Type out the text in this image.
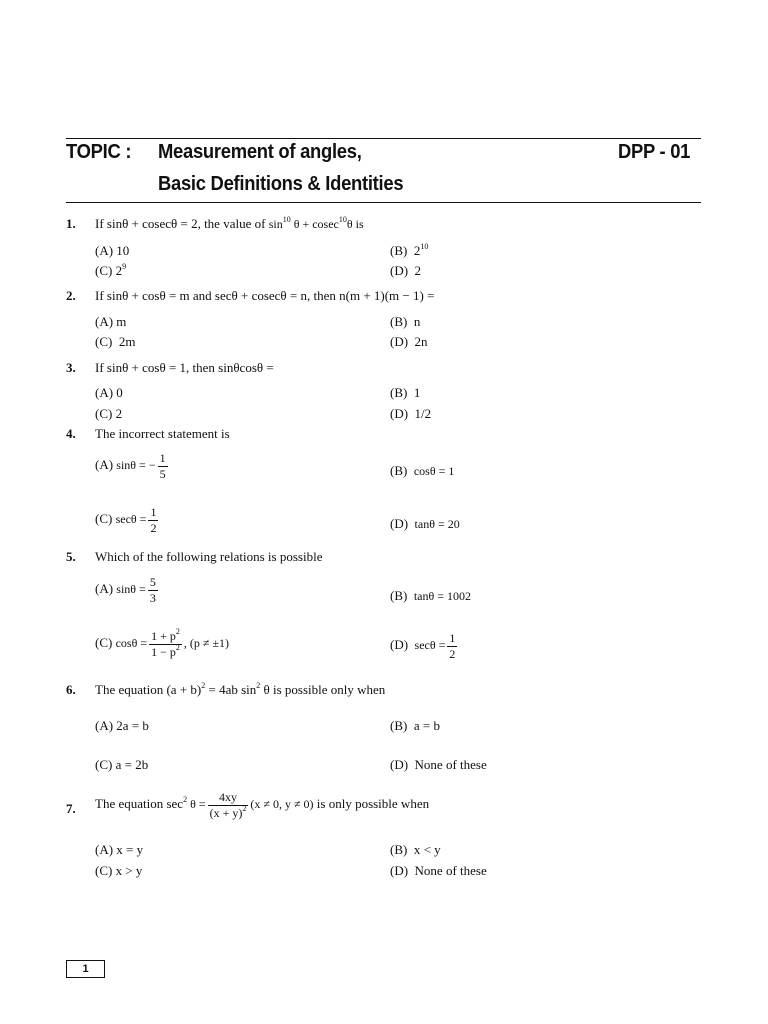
TOPIC : Measurement of angles,	DPP - 01
Basic Definitions & Identities
1. If sinθ + cosecθ = 2, the value of $\sin^{10} \theta + cosec^{10}\theta$ is
(A) 10	(B) $2^{10}$
(C) $2^9$	(D) 2
2. If sinθ + cosθ = m and secθ + cosecθ = n, then n(m + 1)(m − 1) =
(A) m	(B) n
(C) 2m	(D) 2n
3. If sinθ + cosθ = 1, then sinθcosθ =
(A) 0	(B) 1
(C) 2	(D) 1/2
4. The incorrect statement is
(A) sinθ = − $\frac{1}{5}$	(B) cosθ = 1
(C) $\sec\theta = \frac{1}{2}$	(D) tanθ = 20
5. Which of the following relations is possible
(A) $\sin\theta = \frac{5}{3}$	(B) tanθ = 1002
(C) $\cos\theta = \frac{1 + p^2}{1 - p^2}$ , (p ≠ ±1)	(D) $\sec\theta = \frac{1}{2}$
6. The equation $(a + b)^2 = 4ab$ $\sin^2 \theta$ is possible only when
(A) 2a = b	(B) a = b
(C) a = 2b	(D) None of these
7. The equation $\sec^2 \theta = \frac{4xy}{(x + y)^2} (x \ne 0$, y ≠ 0) is only possible when
(A) x = y	(B) x < y
(C) x > y	(D) None of these
1
